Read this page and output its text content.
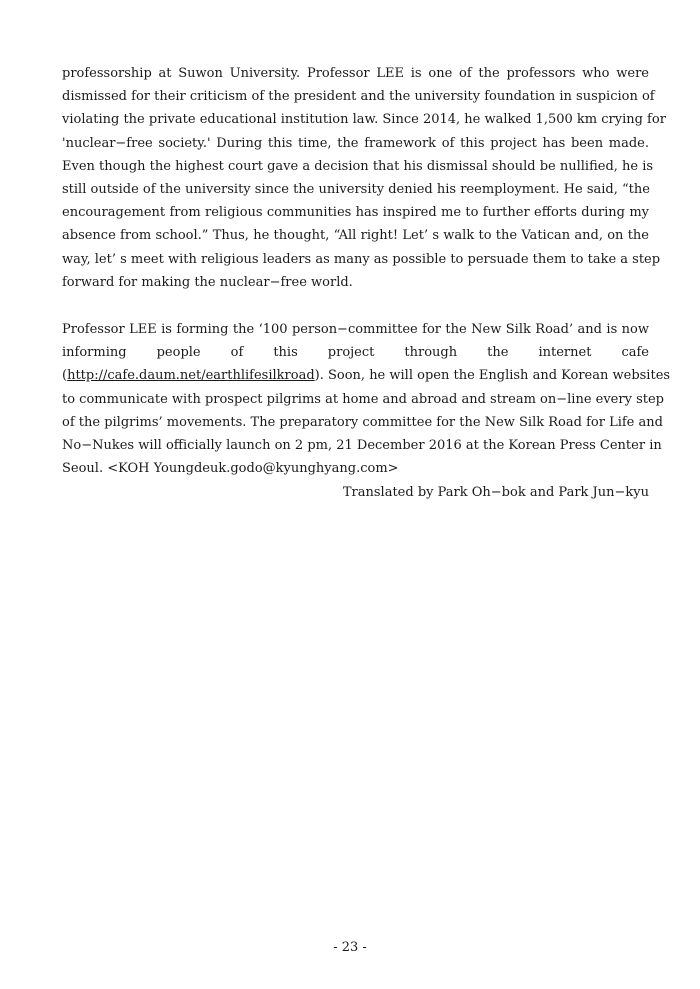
professorship at Suwon University. Professor LEE is one of the professors who were
dismissed for their criticism of the president and the university foundation in suspicion of
violating the private educational institution law. Since 2014, he walked 1,500 km crying for
'nuclear−free society.' During this time, the framework of this project has been made.
Even though the highest court gave a decision that his dismissal should be nullified, he is
still outside of the university since the university denied his reemployment. He said, “the
encouragement from religious communities has inspired me to further efforts during my
absence from school.” Thus, he thought, “All right! Let’ s walk to the Vatican and, on the
way, let’ s meet with religious leaders as many as possible to persuade them to take a step
forward for making the nuclear−free world.
Professor LEE is forming the ‘100 person−committee for the New Silk Road’ and is now
informing people of this project through the internet cafe
(http://cafe.daum.net/earthlifesilkroad). Soon, he will open the English and Korean websites
to communicate with prospect pilgrims at home and abroad and stream on−line every step
of the pilgrims’ movements. The preparatory committee for the New Silk Road for Life and
No−Nukes will officially launch on 2 pm, 21 December 2016 at the Korean Press Center in
Seoul. <KOH Youngdeuk.godo@kyunghyang.com>
Translated by Park Oh−bok and Park Jun−kyu
- 23 -
